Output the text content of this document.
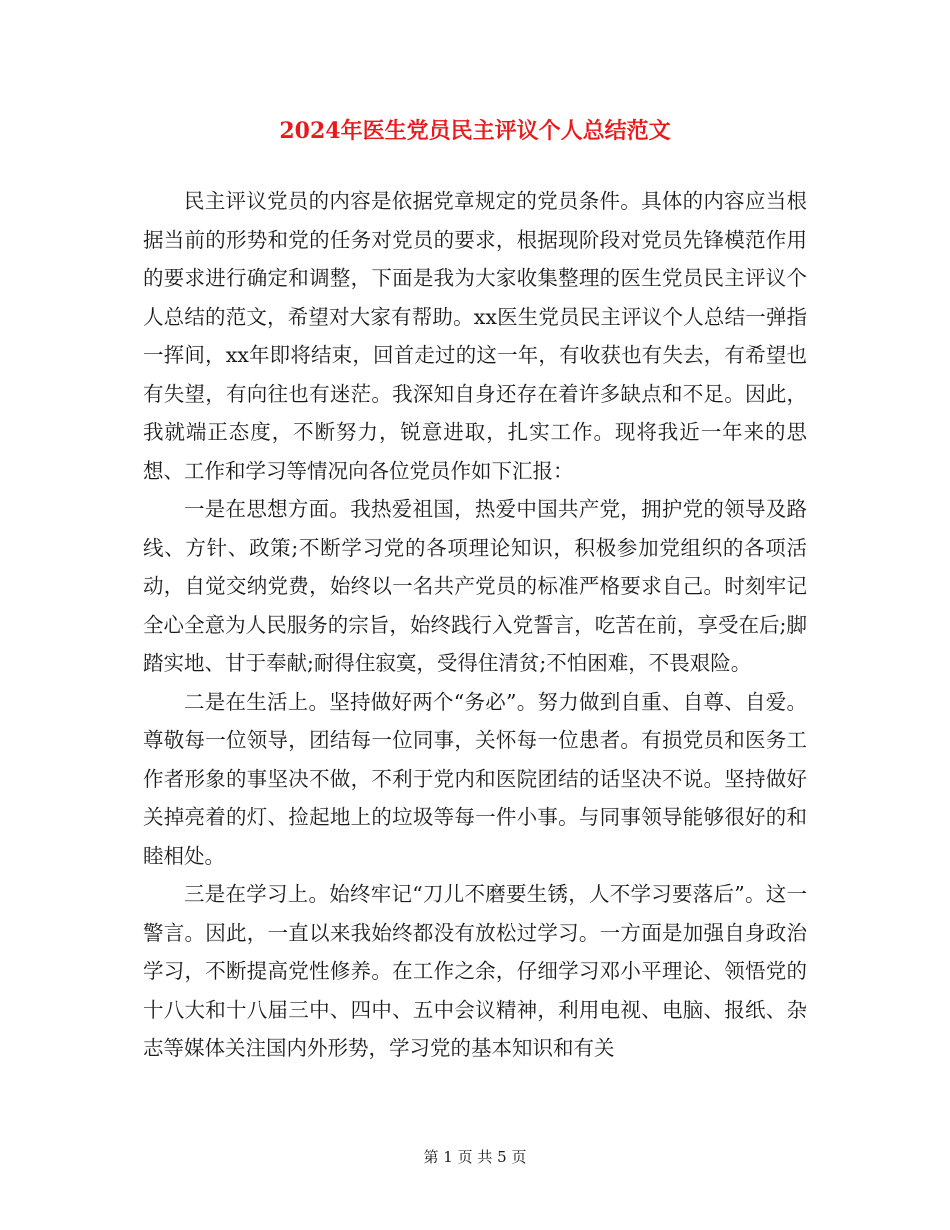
2024年医生党员民主评议个人总结范文

民主评议党员的内容是依据党章规定的党员条件。具体的内容应当根据当前的形势和党的任务对党员的要求，根据现阶段对党员先锋模范作用的要求进行确定和调整，下面是我为大家收集整理的医生党员民主评议个人总结的范文，希望对大家有帮助。xx医生党员民主评议个人总结一弹指一挥间，xx年即将结束，回首走过的这一年，有收获也有失去，有希望也有失望，有向往也有迷茫。我深知自身还存在着许多缺点和不足。因此，我就端正态度，不断努力，锐意进取，扎实工作。现将我近一年来的思想、工作和学习等情况向各位党员作如下汇报：

一是在思想方面。我热爱祖国，热爱中国共产党，拥护党的领导及路线、方针、政策;不断学习党的各项理论知识，积极参加党组织的各项活动，自觉交纳党费，始终以一名共产党员的标准严格要求自己。时刻牢记全心全意为人民服务的宗旨，始终践行入党誓言，吃苦在前，享受在后;脚踏实地、甘于奉献;耐得住寂寞，受得住清贫;不怕困难，不畏艰险。

二是在生活上。坚持做好两个“务必”。努力做到自重、自尊、自爱。尊敬每一位领导，团结每一位同事，关怀每一位患者。有损党员和医务工作者形象的事坚决不做，不利于党内和医院团结的话坚决不说。坚持做好关掉亮着的灯、捡起地上的垃圾等每一件小事。与同事领导能够很好的和睦相处。

三是在学习上。始终牢记“刀儿不磨要生锈，人不学习要落后”。这一警言。因此，一直以来我始终都没有放松过学习。一方面是加强自身政治学习，不断提高党性修养。在工作之余，仔细学习邓小平理论、领悟党的十八大和十八届三中、四中、五中会议精神，利用电视、电脑、报纸、杂志等媒体关注国内外形势，学习党的基本知识和有关

第 1 页 共 5 页
